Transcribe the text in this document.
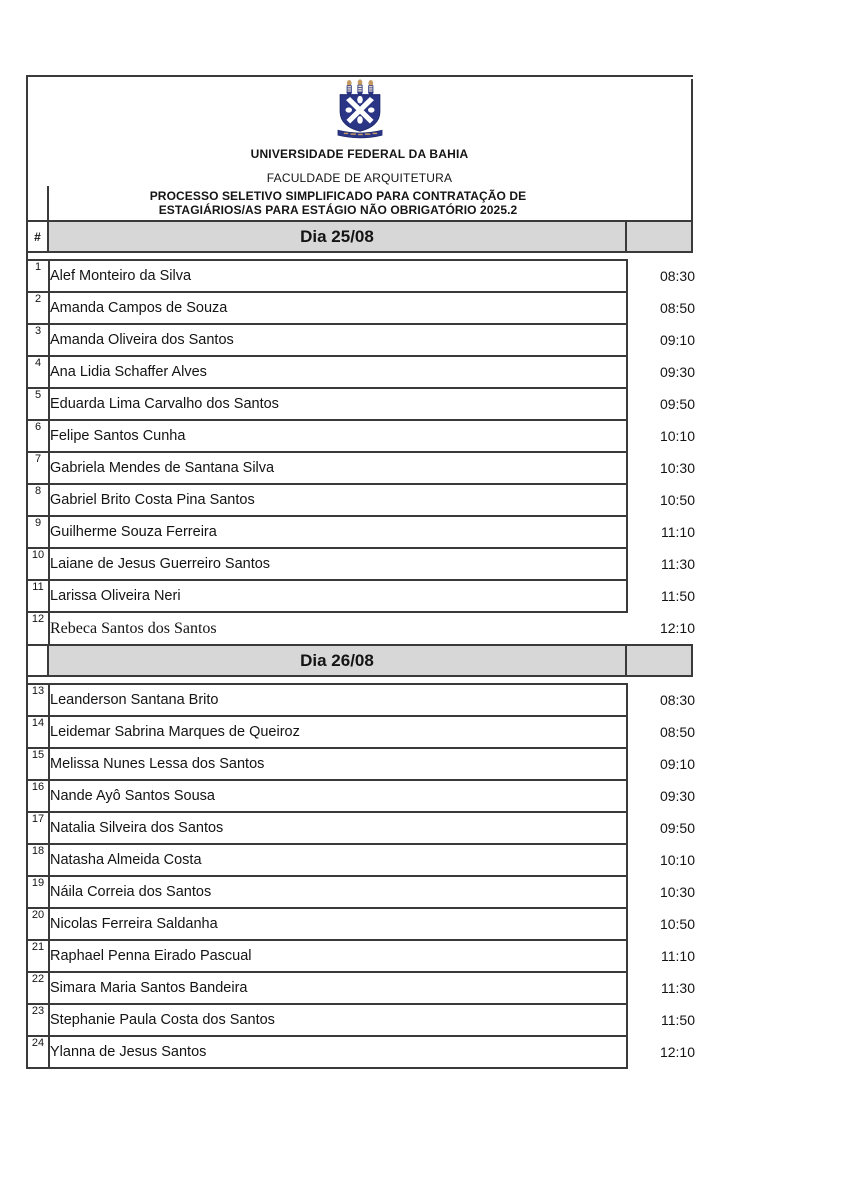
UNIVERSIDADE FEDERAL DA BAHIA
FACULDADE DE ARQUITETURA
PROCESSO SELETIVO SIMPLIFICADO PARA CONTRATAÇÃO DE
ESTAGIÁRIOS/AS PARA ESTÁGIO NÃO OBRIGATÓRIO 2025.2
#	Dia 25/08
1	Alef Monteiro da Silva	08:30
2	Amanda Campos de Souza	08:50
3	Amanda Oliveira dos Santos	09:10
4	Ana Lidia Schaffer Alves	09:30
5	Eduarda Lima Carvalho dos Santos	09:50
6	Felipe Santos Cunha	10:10
7	Gabriela Mendes de Santana Silva	10:30
8	Gabriel Brito Costa Pina Santos	10:50
9	Guilherme Souza Ferreira	11:10
10	Laiane de Jesus Guerreiro Santos	11:30
11	Larissa Oliveira Neri	11:50
12	Rebeca Santos dos Santos	12:10
Dia 26/08
13	Leanderson Santana Brito	08:30
14	Leidemar Sabrina Marques de Queiroz	08:50
15	Melissa Nunes Lessa dos Santos	09:10
16	Nande Ayô Santos Sousa	09:30
17	Natalia Silveira dos Santos	09:50
18	Natasha Almeida Costa	10:10
19	Náila Correia dos Santos	10:30
20	Nicolas Ferreira Saldanha	10:50
21	Raphael Penna Eirado Pascual	11:10
22	Simara Maria Santos Bandeira	11:30
23	Stephanie Paula Costa dos Santos	11:50
24	Ylanna de Jesus Santos	12:10
